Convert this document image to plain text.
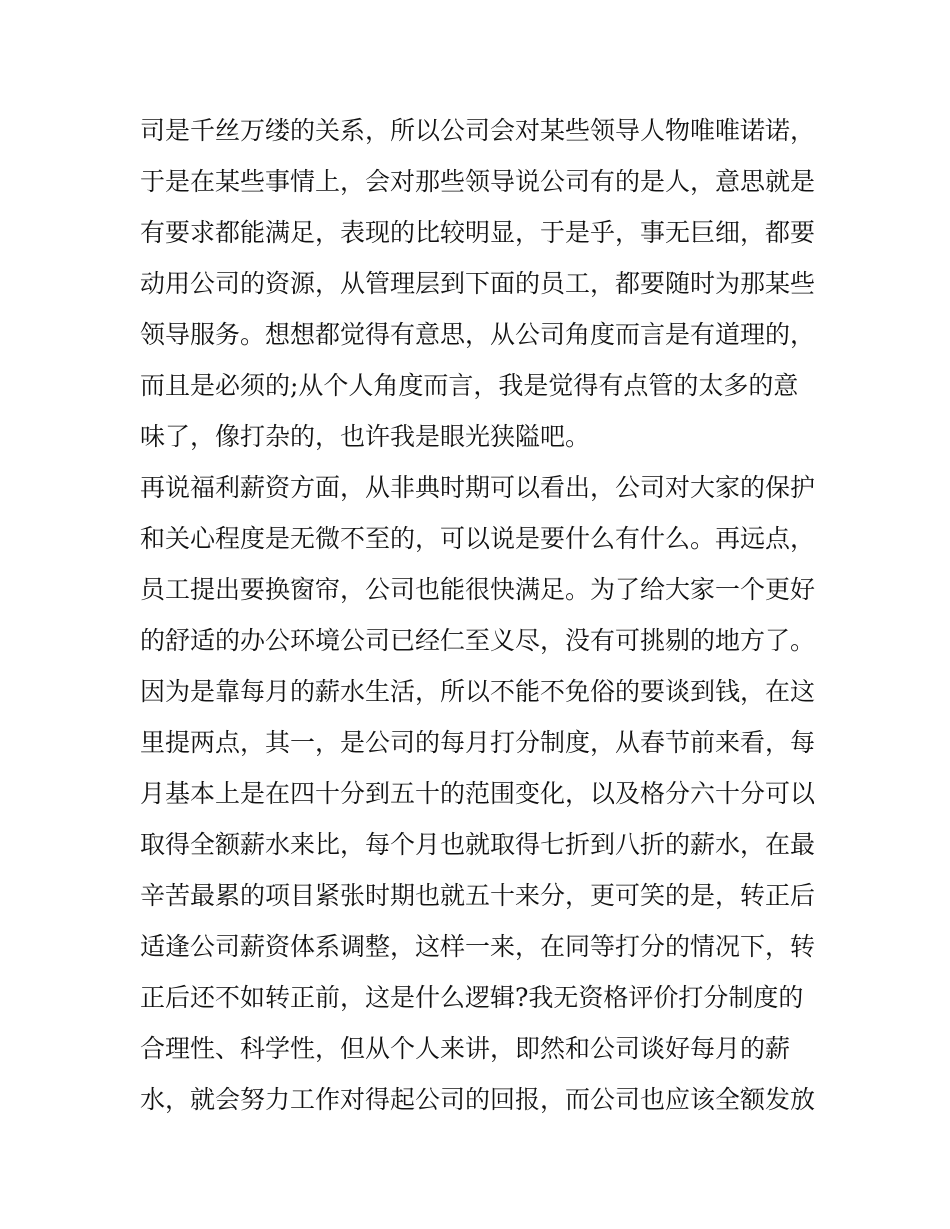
司是千丝万缕的关系，所以公司会对某些领导人物唯唯诺诺，
于是在某些事情上，会对那些领导说公司有的是人，意思就是
有要求都能满足，表现的比较明显，于是乎，事无巨细，都要
动用公司的资源，从管理层到下面的员工，都要随时为那某些
领导服务。想想都觉得有意思，从公司角度而言是有道理的，
而且是必须的;从个人角度而言，我是觉得有点管的太多的意
味了，像打杂的，也许我是眼光狭隘吧。
再说福利薪资方面，从非典时期可以看出，公司对大家的保护
和关心程度是无微不至的，可以说是要什么有什么。再远点，
员工提出要换窗帘，公司也能很快满足。为了给大家一个更好
的舒适的办公环境公司已经仁至义尽，没有可挑剔的地方了。
因为是靠每月的薪水生活，所以不能不免俗的要谈到钱，在这
里提两点，其一，是公司的每月打分制度，从春节前来看，每
月基本上是在四十分到五十的范围变化，以及格分六十分可以
取得全额薪水来比，每个月也就取得七折到八折的薪水，在最
辛苦最累的项目紧张时期也就五十来分，更可笑的是，转正后
适逢公司薪资体系调整，这样一来，在同等打分的情况下，转
正后还不如转正前，这是什么逻辑?我无资格评价打分制度的
合理性、科学性，但从个人来讲，即然和公司谈好每月的薪
水，就会努力工作对得起公司的回报，而公司也应该全额发放
